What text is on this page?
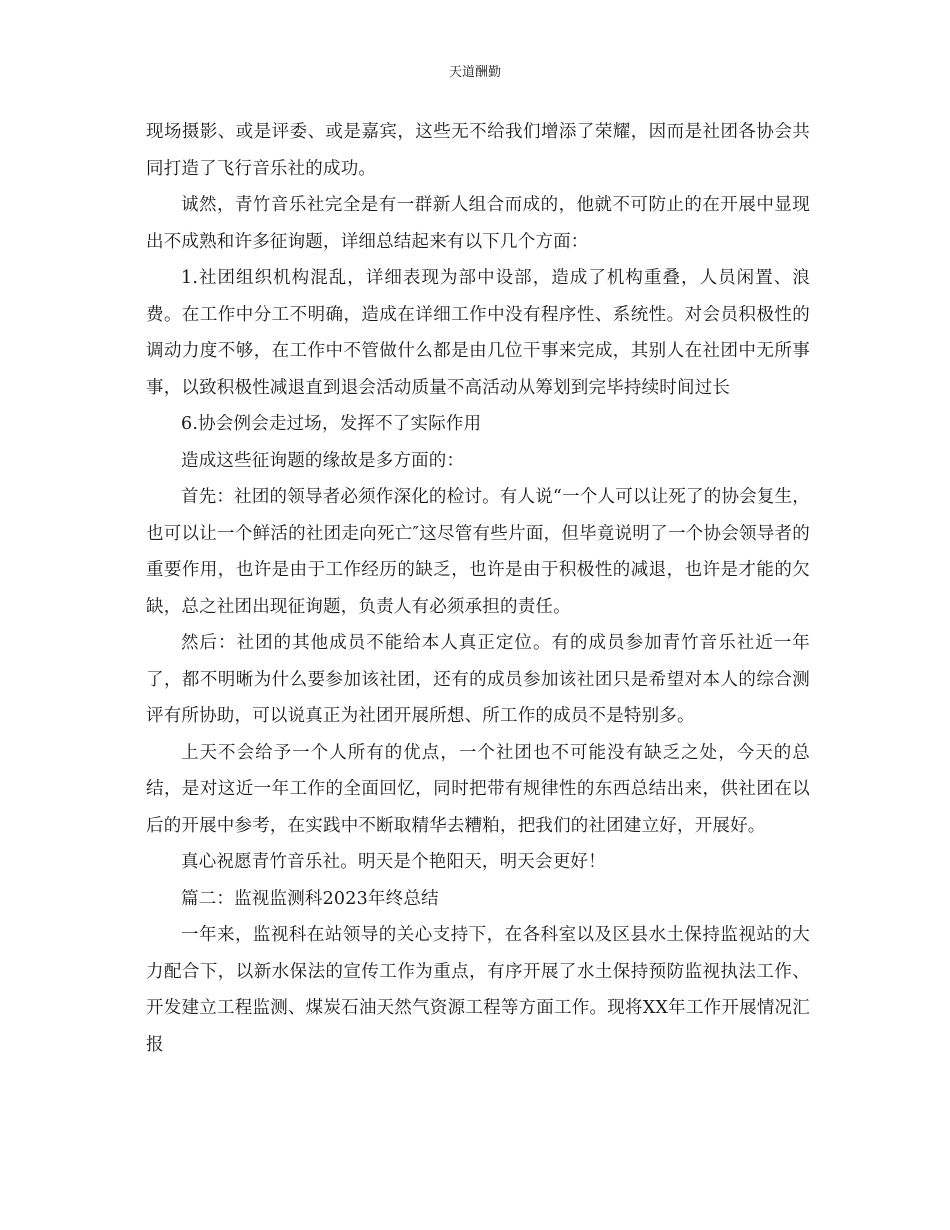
天道酬勤

现场摄影、或是评委、或是嘉宾，这些无不给我们增添了荣耀，因而是社团各协会共同打造了飞行音乐社的成功。

诚然，青竹音乐社完全是有一群新人组合而成的，他就不可防止的在开展中显现出不成熟和许多征询题，详细总结起来有以下几个方面：

1.社团组织机构混乱，详细表现为部中设部，造成了机构重叠，人员闲置、浪费。在工作中分工不明确，造成在详细工作中没有程序性、系统性。对会员积极性的调动力度不够，在工作中不管做什么都是由几位干事来完成，其别人在社团中无所事事，以致积极性减退直到退会活动质量不高活动从筹划到完毕持续时间过长

6.协会例会走过场，发挥不了实际作用

造成这些征询题的缘故是多方面的：

首先：社团的领导者必须作深化的检讨。有人说“一个人可以让死了的协会复生，也可以让一个鲜活的社团走向死亡″这尽管有些片面，但毕竟说明了一个协会领导者的重要作用，也许是由于工作经历的缺乏，也许是由于积极性的减退，也许是才能的欠缺，总之社团出现征询题，负责人有必须承担的责任。

然后：社团的其他成员不能给本人真正定位。有的成员参加青竹音乐社近一年了，都不明晰为什么要参加该社团，还有的成员参加该社团只是希望对本人的综合测评有所协助，可以说真正为社团开展所想、所工作的成员不是特别多。

上天不会给予一个人所有的优点，一个社团也不可能没有缺乏之处，今天的总结，是对这近一年工作的全面回忆，同时把带有规律性的东西总结出来，供社团在以后的开展中参考，在实践中不断取精华去糟粕，把我们的社团建立好，开展好。

真心祝愿青竹音乐社。明天是个艳阳天，明天会更好！

篇二：监视监测科2023年终总结

一年来，监视科在站领导的关心支持下，在各科室以及区县水土保持监视站的大力配合下，以新水保法的宣传工作为重点，有序开展了水土保持预防监视执法工作、开发建立工程监测、煤炭石油天然气资源工程等方面工作。现将XX年工作开展情况汇报
